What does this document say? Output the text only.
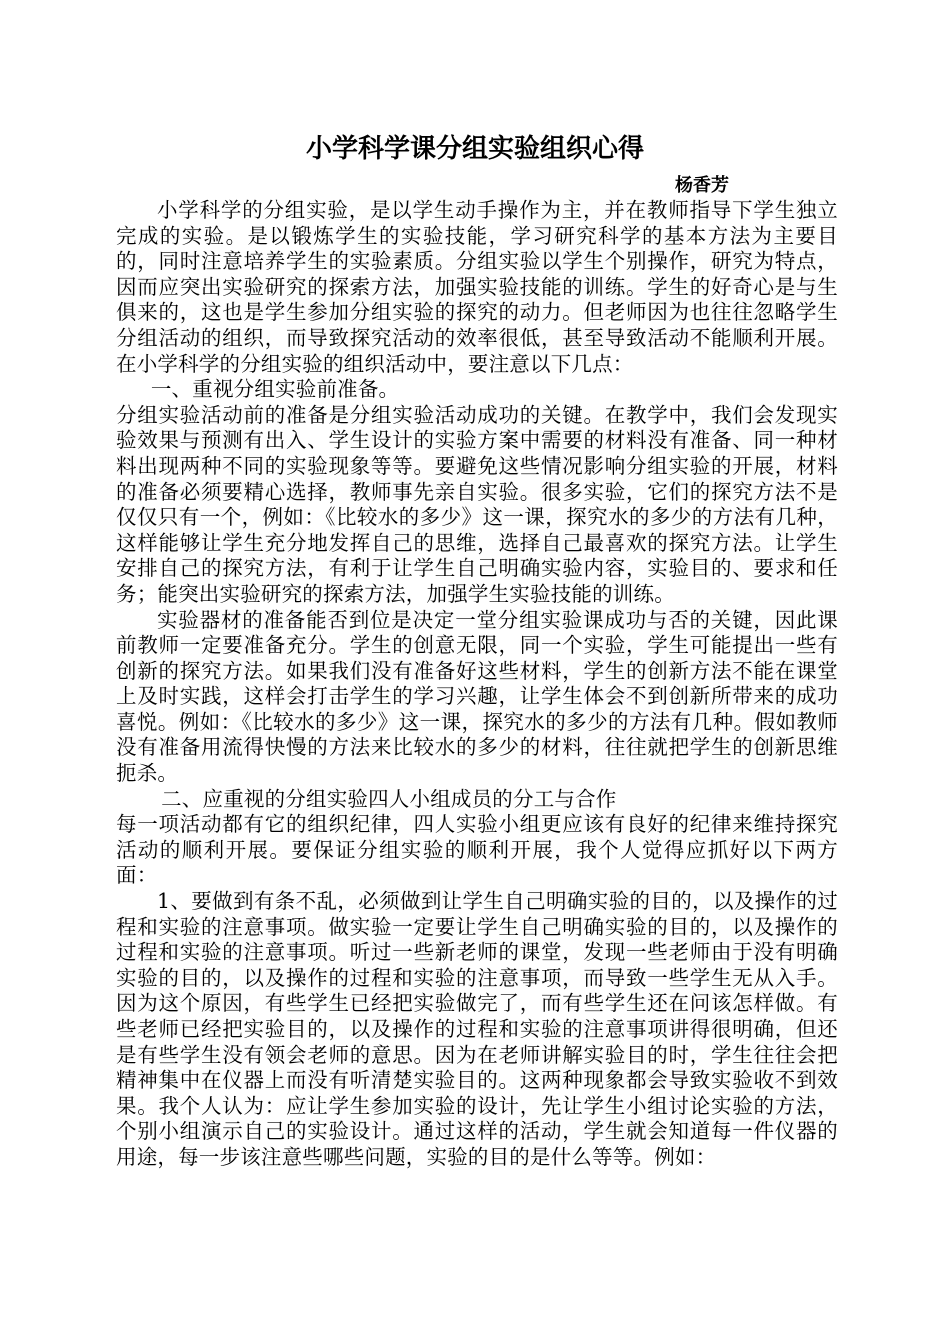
小学科学课分组实验组织心得
杨香芳

小学科学的分组实验，是以学生动手操作为主，并在教师指导下学生独立完成的实验。是以锻炼学生的实验技能，学习研究科学的基本方法为主要目的，同时注意培养学生的实验素质。分组实验以学生个别操作，研究为特点，因而应突出实验研究的探索方法，加强实验技能的训练。学生的好奇心是与生俱来的，这也是学生参加分组实验的探究的动力。但老师因为也往往忽略学生分组活动的组织，而导致探究活动的效率很低，甚至导致活动不能顺利开展。在小学科学的分组实验的组织活动中，要注意以下几点：

一、重视分组实验前准备。

分组实验活动前的准备是分组实验活动成功的关键。在教学中，我们会发现实验效果与预测有出入、学生设计的实验方案中需要的材料没有准备、同一种材料出现两种不同的实验现象等等。要避免这些情况影响分组实验的开展，材料的准备必须要精心选择，教师事先亲自实验。很多实验，它们的探究方法不是仅仅只有一个，例如：《比较水的多少》这一课，探究水的多少的方法有几种，这样能够让学生充分地发挥自己的思维，选择自己最喜欢的探究方法。让学生安排自己的探究方法，有利于让学生自己明确实验内容，实验目的、要求和任务；能突出实验研究的探索方法，加强学生实验技能的训练。

实验器材的准备能否到位是决定一堂分组实验课成功与否的关键，因此课前教师一定要准备充分。学生的创意无限，同一个实验，学生可能提出一些有创新的探究方法。如果我们没有准备好这些材料，学生的创新方法不能在课堂上及时实践，这样会打击学生的学习兴趣，让学生体会不到创新所带来的成功喜悦。例如：《比较水的多少》这一课，探究水的多少的方法有几种。假如教师没有准备用流得快慢的方法来比较水的多少的材料，往往就把学生的创新思维扼杀。

二、应重视的分组实验四人小组成员的分工与合作

每一项活动都有它的组织纪律，四人实验小组更应该有良好的纪律来维持探究活动的顺利开展。要保证分组实验的顺利开展，我个人觉得应抓好以下两方面：

1、要做到有条不乱，必须做到让学生自己明确实验的目的，以及操作的过程和实验的注意事项。做实验一定要让学生自己明确实验的目的，以及操作的过程和实验的注意事项。听过一些新老师的课堂，发现一些老师由于没有明确实验的目的，以及操作的过程和实验的注意事项，而导致一些学生无从入手。因为这个原因，有些学生已经把实验做完了，而有些学生还在问该怎样做。有些老师已经把实验目的，以及操作的过程和实验的注意事项讲得很明确，但还是有些学生没有领会老师的意思。因为在老师讲解实验目的时，学生往往会把精神集中在仪器上而没有听清楚实验目的。这两种现象都会导致实验收不到效果。我个人认为：应让学生参加实验的设计，先让学生小组讨论实验的方法，个别小组演示自己的实验设计。通过这样的活动，学生就会知道每一件仪器的用途，每一步该注意些哪些问题，实验的目的是什么等等。例如：
